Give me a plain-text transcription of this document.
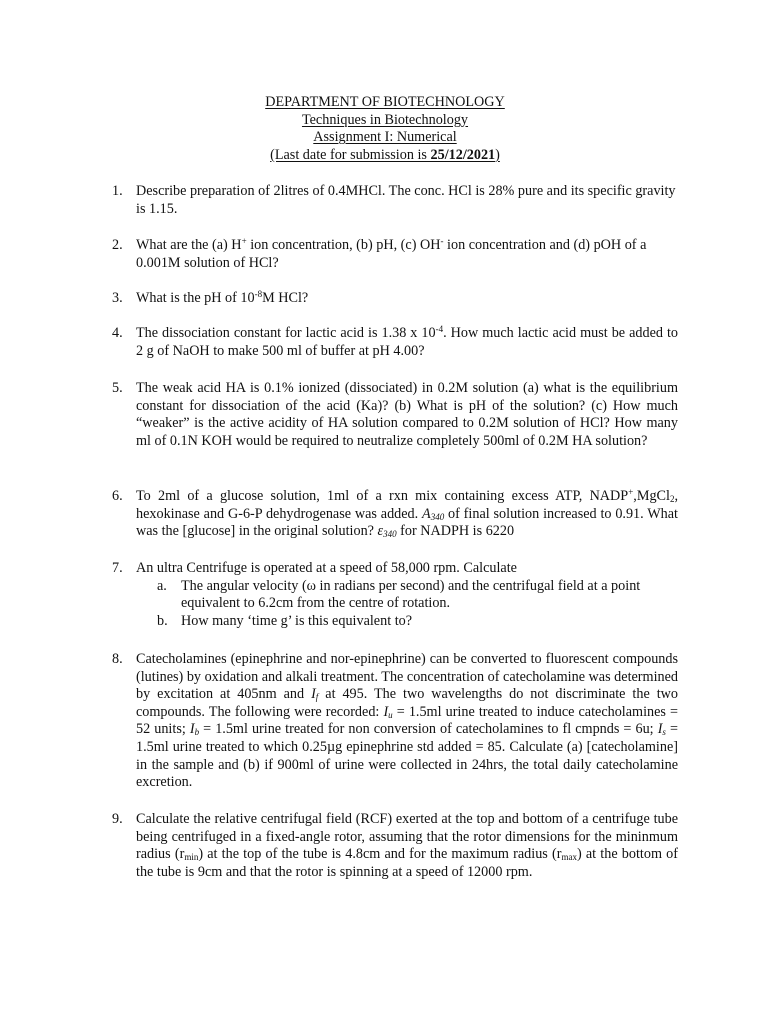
DEPARTMENT OF BIOTECHNOLOGY
Techniques in Biotechnology
Assignment I: Numerical
(Last date for submission is 25/12/2021)
1. Describe preparation of 2litres of 0.4MHCl. The conc. HCl is 28% pure and its specific gravity is 1.15.
2. What are the (a) H+ ion concentration, (b) pH, (c) OH- ion concentration and (d) pOH of a 0.001M solution of HCl?
3. What is the pH of $10^{-8}M$ HCl?
4. The dissociation constant for lactic acid is 1.38 x $10^{-4}$. How much lactic acid must be added to 2 g of NaOH to make 500 ml of buffer at pH 4.00?
5. The weak acid HA is 0.1% ionized (dissociated) in 0.2M solution (a) what is the equilibrium constant for dissociation of the acid (Ka)? (b) What is pH of the solution? (c) How much “weaker” is the active acidity of HA solution compared to 0.2M solution of HCl? How many ml of 0.1N KOH would be required to neutralize completely 500ml of 0.2M HA solution?
6. To 2ml of a glucose solution, 1ml of a rxn mix containing excess ATP, NADP+,MgCl$_2$, hexokinase and G-6-P dehydrogenase was added. $A_{340}$ of final solution increased to 0.91. What was the [glucose] in the original solution? $\varepsilon_{340}$ for NADPH is 6220
7. An ultra Centrifuge is operated at a speed of 58,000 rpm. Calculate
a. The angular velocity (ω in radians per second) and the centrifugal field at a point equivalent to 6.2cm from the centre of rotation.
b. How many ‘time g’ is this equivalent to?
8. Catecholamines (epinephrine and nor-epinephrine) can be converted to fluorescent compounds (lutines) by oxidation and alkali treatment. The concentration of catecholamine was determined by excitation at 405nm and $I_f$ at 495. The two wavelengths do not discriminate the two compounds. The following were recorded: $I_u = 1.5ml$ urine treated to induce catecholamines = 52 units; $I_b = 1.5ml$ urine treated for non conversion of catecholamines to fl cmpnds = 6u; $I_s = 1.5ml$ urine treated to which 0.25µg epinephrine std added = 85. Calculate (a) [catecholamine] in the sample and (b) if 900ml of urine were collected in 24hrs, the total daily catecholamine excretion.
9. Calculate the relative centrifugal field (RCF) exerted at the top and bottom of a centrifuge tube being centrifuged in a fixed-angle rotor, assuming that the rotor dimensions for the mininmum radius $(r_{min})$ at the top of the tube is 4.8cm and for the maximum radius $(r_{max})$ at the bottom of the tube is 9cm and that the rotor is spinning at a speed of 12000 rpm.
